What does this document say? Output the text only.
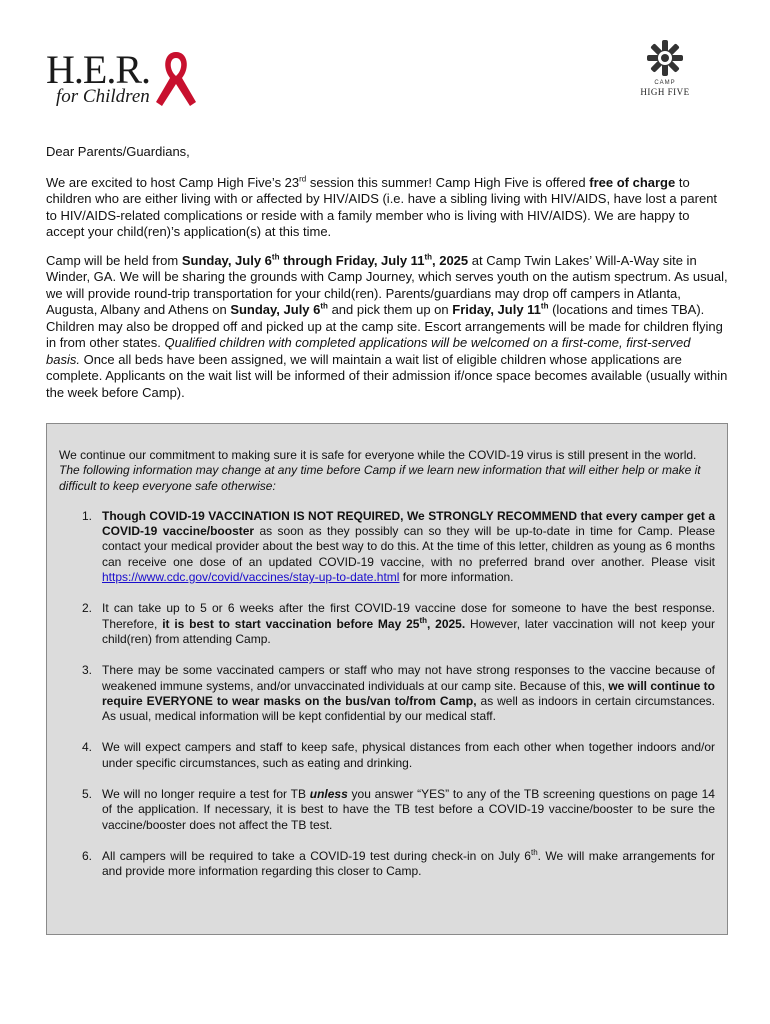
H.E.R.
for Children
CAMP
HIGH FIVE

Dear Parents/Guardians,

We are excited to host Camp High Five’s 23rd session this summer! Camp High Five is offered free of charge to children who are either living with or affected by HIV/AIDS (i.e. have a sibling living with HIV/AIDS, have lost a parent to HIV/AIDS-related complications or reside with a family member who is living with HIV/AIDS). We are happy to accept your child(ren)’s application(s) at this time.

Camp will be held from Sunday, July 6th through Friday, July 11th, 2025 at Camp Twin Lakes’ Will-A-Way site in Winder, GA. We will be sharing the grounds with Camp Journey, which serves youth on the autism spectrum. As usual, we will provide round-trip transportation for your child(ren). Parents/guardians may drop off campers in Atlanta, Augusta, Albany and Athens on Sunday, July 6th and pick them up on Friday, July 11th (locations and times TBA). Children may also be dropped off and picked up at the camp site. Escort arrangements will be made for children flying in from other states. Qualified children with completed applications will be welcomed on a first-come, first-served basis. Once all beds have been assigned, we will maintain a wait list of eligible children whose applications are complete. Applicants on the wait list will be informed of their admission if/once space becomes available (usually within the week before Camp).

We continue our commitment to making sure it is safe for everyone while the COVID-19 virus is still present in the world. The following information may change at any time before Camp if we learn new information that will either help or make it difficult to keep everyone safe otherwise:

1. Though COVID-19 VACCINATION IS NOT REQUIRED, We STRONGLY RECOMMEND that every camper get a COVID-19 vaccine/booster as soon as they possibly can so they will be up-to-date in time for Camp. Please contact your medical provider about the best way to do this. At the time of this letter, children as young as 6 months can receive one dose of an updated COVID-19 vaccine, with no preferred brand over another. Please visit https://www.cdc.gov/covid/vaccines/stay-up-to-date.html for more information.
2. It can take up to 5 or 6 weeks after the first COVID-19 vaccine dose for someone to have the best response. Therefore, it is best to start vaccination before May 25th, 2025. However, later vaccination will not keep your child(ren) from attending Camp.
3. There may be some vaccinated campers or staff who may not have strong responses to the vaccine because of weakened immune systems, and/or unvaccinated individuals at our camp site. Because of this, we will continue to require EVERYONE to wear masks on the bus/van to/from Camp, as well as indoors in certain circumstances. As usual, medical information will be kept confidential by our medical staff.
4. We will expect campers and staff to keep safe, physical distances from each other when together indoors and/or under specific circumstances, such as eating and drinking.
5. We will no longer require a test for TB unless you answer “YES” to any of the TB screening questions on page 14 of the application. If necessary, it is best to have the TB test before a COVID-19 vaccine/booster to be sure the vaccine/booster does not affect the TB test.
6. All campers will be required to take a COVID-19 test during check-in on July 6th. We will make arrangements for and provide more information regarding this closer to Camp.
